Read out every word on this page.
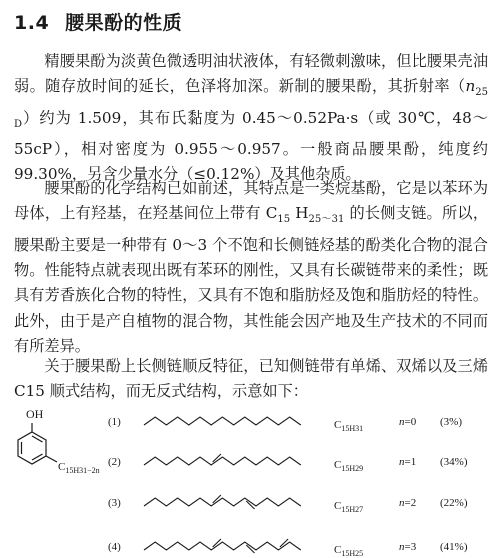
1.4 腰果酚的性质

精腰果酚为淡黄色微透明油状液体，有轻微刺激味，但比腰果壳油弱。随存放时间的延长，色泽将加深。新制的腰果酚，其折射率$(n_{25 D})$约为 1.509，其布氏黏度为 0.45～0.52Pa·s（或 30℃，48～55cP），相对密度为 0.955～0.957。一般商品腰果酚，纯度约 99.30%，另含少量水分（≤0.12%）及其他杂质。

腰果酚的化学结构已如前述，其特点是一类烷基酚，它是以苯环为母体，上有羟基，在羟基间位上带有 $C_{15}$ $H_{25\sim 31}$ 的长侧支链。所以，腰果酚主要是一种带有 0～3 个不饱和长侧链烃基的酚类化合物的混合物。性能特点就表现出既有苯环的刚性，又具有长碳链带来的柔性；既具有芳香族化合物的特性，又具有不饱和脂肪烃及饱和脂肪烃的特性。此外，由于是产自植物的混合物，其性能会因产地及生产技术的不同而有所差异。

关于腰果酚上长侧链顺反特征，已知侧链带有单烯、双烯以及三烯 C15 顺式结构，而无反式结构，示意如下：

OH
$C_{15H31-2n}$
(1)	$C_{15H31}$
n=0 (3%)
(2)	$C_{15H29}$
n=1 (34%)
(3)	$C_{15H27}$
n=2 (22%)
(4)	$C_{15H25}$
n=3 (41%)
